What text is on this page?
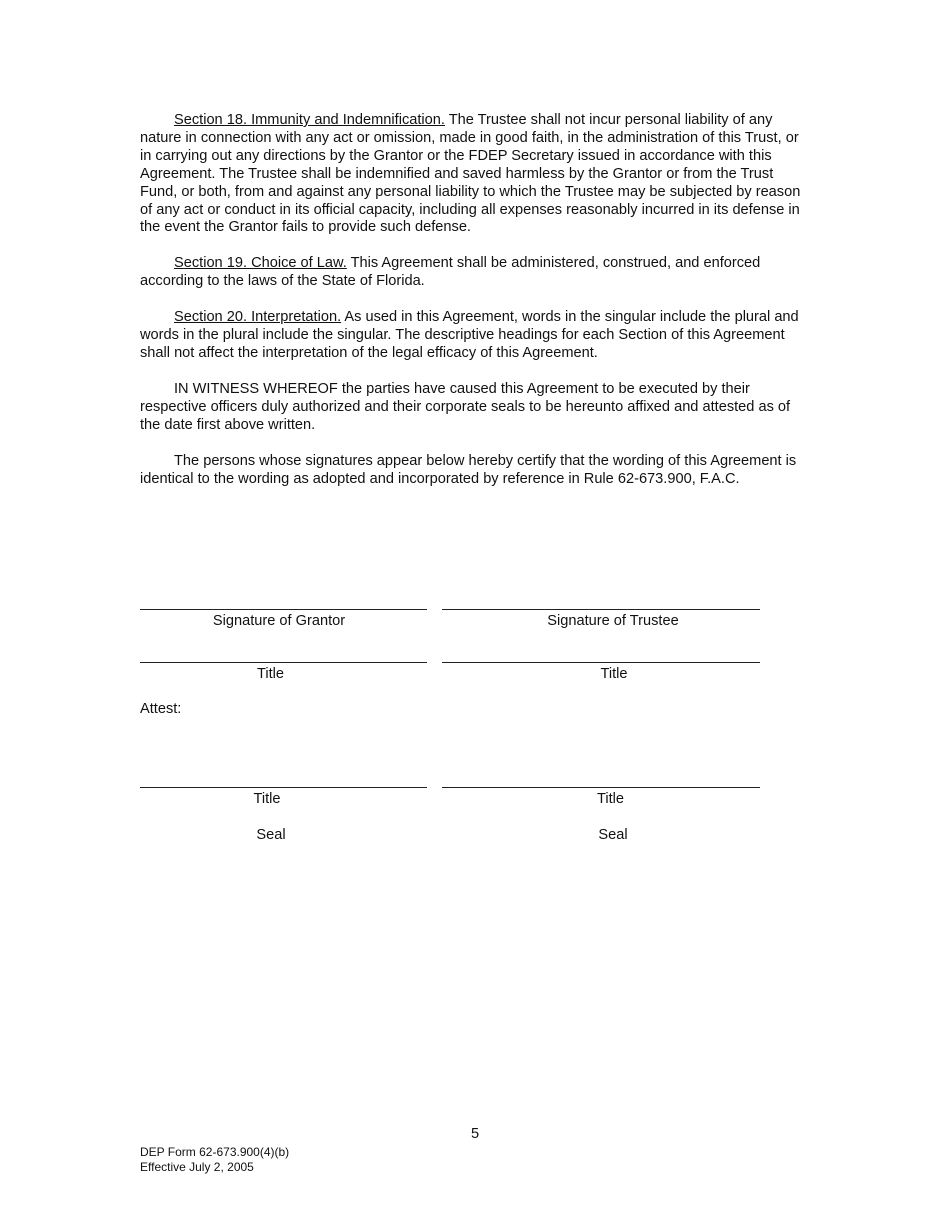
Section 18. Immunity and Indemnification. The Trustee shall not incur personal liability of any nature in connection with any act or omission, made in good faith, in the administration of this Trust, or in carrying out any directions by the Grantor or the FDEP Secretary issued in accordance with this Agreement. The Trustee shall be indemnified and saved harmless by the Grantor or from the Trust Fund, or both, from and against any personal liability to which the Trustee may be subjected by reason of any act or conduct in its official capacity, including all expenses reasonably incurred in its defense in the event the Grantor fails to provide such defense.

Section 19. Choice of Law. This Agreement shall be administered, construed, and enforced according to the laws of the State of Florida.

Section 20. Interpretation. As used in this Agreement, words in the singular include the plural and words in the plural include the singular. The descriptive headings for each Section of this Agreement shall not affect the interpretation of the legal efficacy of this Agreement.

IN WITNESS WHEREOF the parties have caused this Agreement to be executed by their respective officers duly authorized and their corporate seals to be hereunto affixed and attested as of the date first above written.

The persons whose signatures appear below hereby certify that the wording of this Agreement is identical to the wording as adopted and incorporated by reference in Rule 62-673.900, F.A.C.

Signature of Grantor	Signature of Trustee
Title	Title
Attest:
Title	Title
Seal	Seal
5
DEP Form 62-673.900(4)(b)
Effective July 2, 2005
